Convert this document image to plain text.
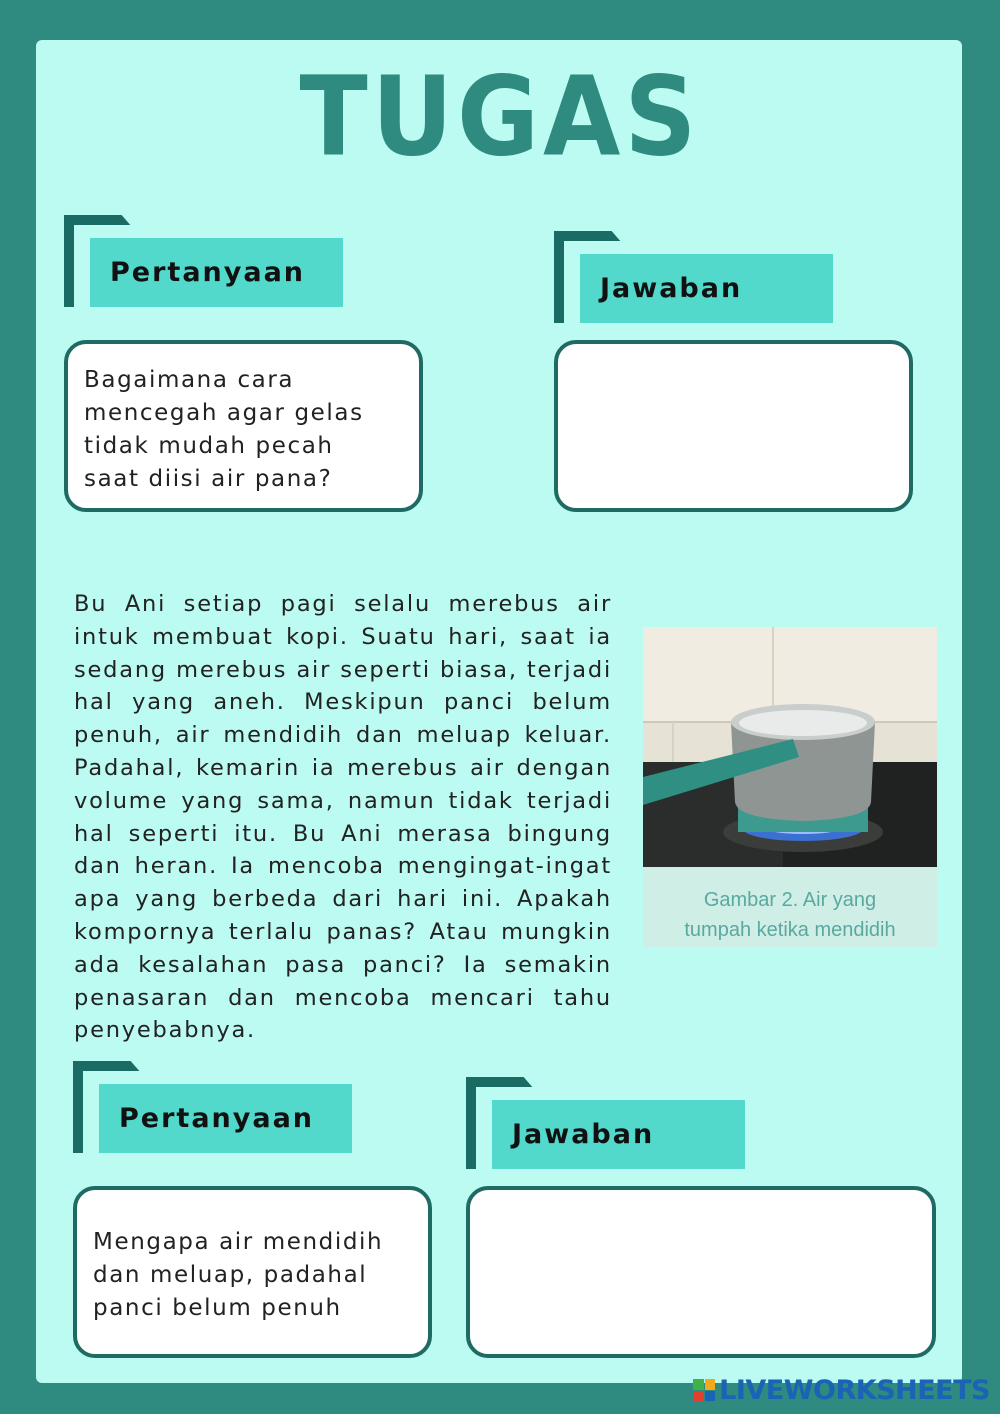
TUGAS
Pertanyaan
Jawaban
Bagaimana cara
mencegah agar gelas
tidak mudah pecah
saat diisi air pana?
Bu Ani setiap pagi selalu merebus air intuk membuat kopi. Suatu hari, saat ia sedang merebus air seperti biasa, terjadi hal yang aneh. Meskipun panci belum penuh, air mendidih dan meluap keluar. Padahal, kemarin ia merebus air dengan volume yang sama, namun tidak terjadi hal seperti itu. Bu Ani merasa bingung dan heran. Ia mencoba mengingat-ingat apa yang berbeda dari hari ini. Apakah kompornya terlalu panas? Atau mungkin ada kesalahan pasa panci? Ia semakin penasaran dan mencoba mencari tahu penyebabnya.
Gambar 2. Air yang
tumpah ketika mendidih
Pertanyaan
Jawaban
Mengapa air mendidih
dan meluap, padahal
panci belum penuh
LIVEWORKSHEETS
